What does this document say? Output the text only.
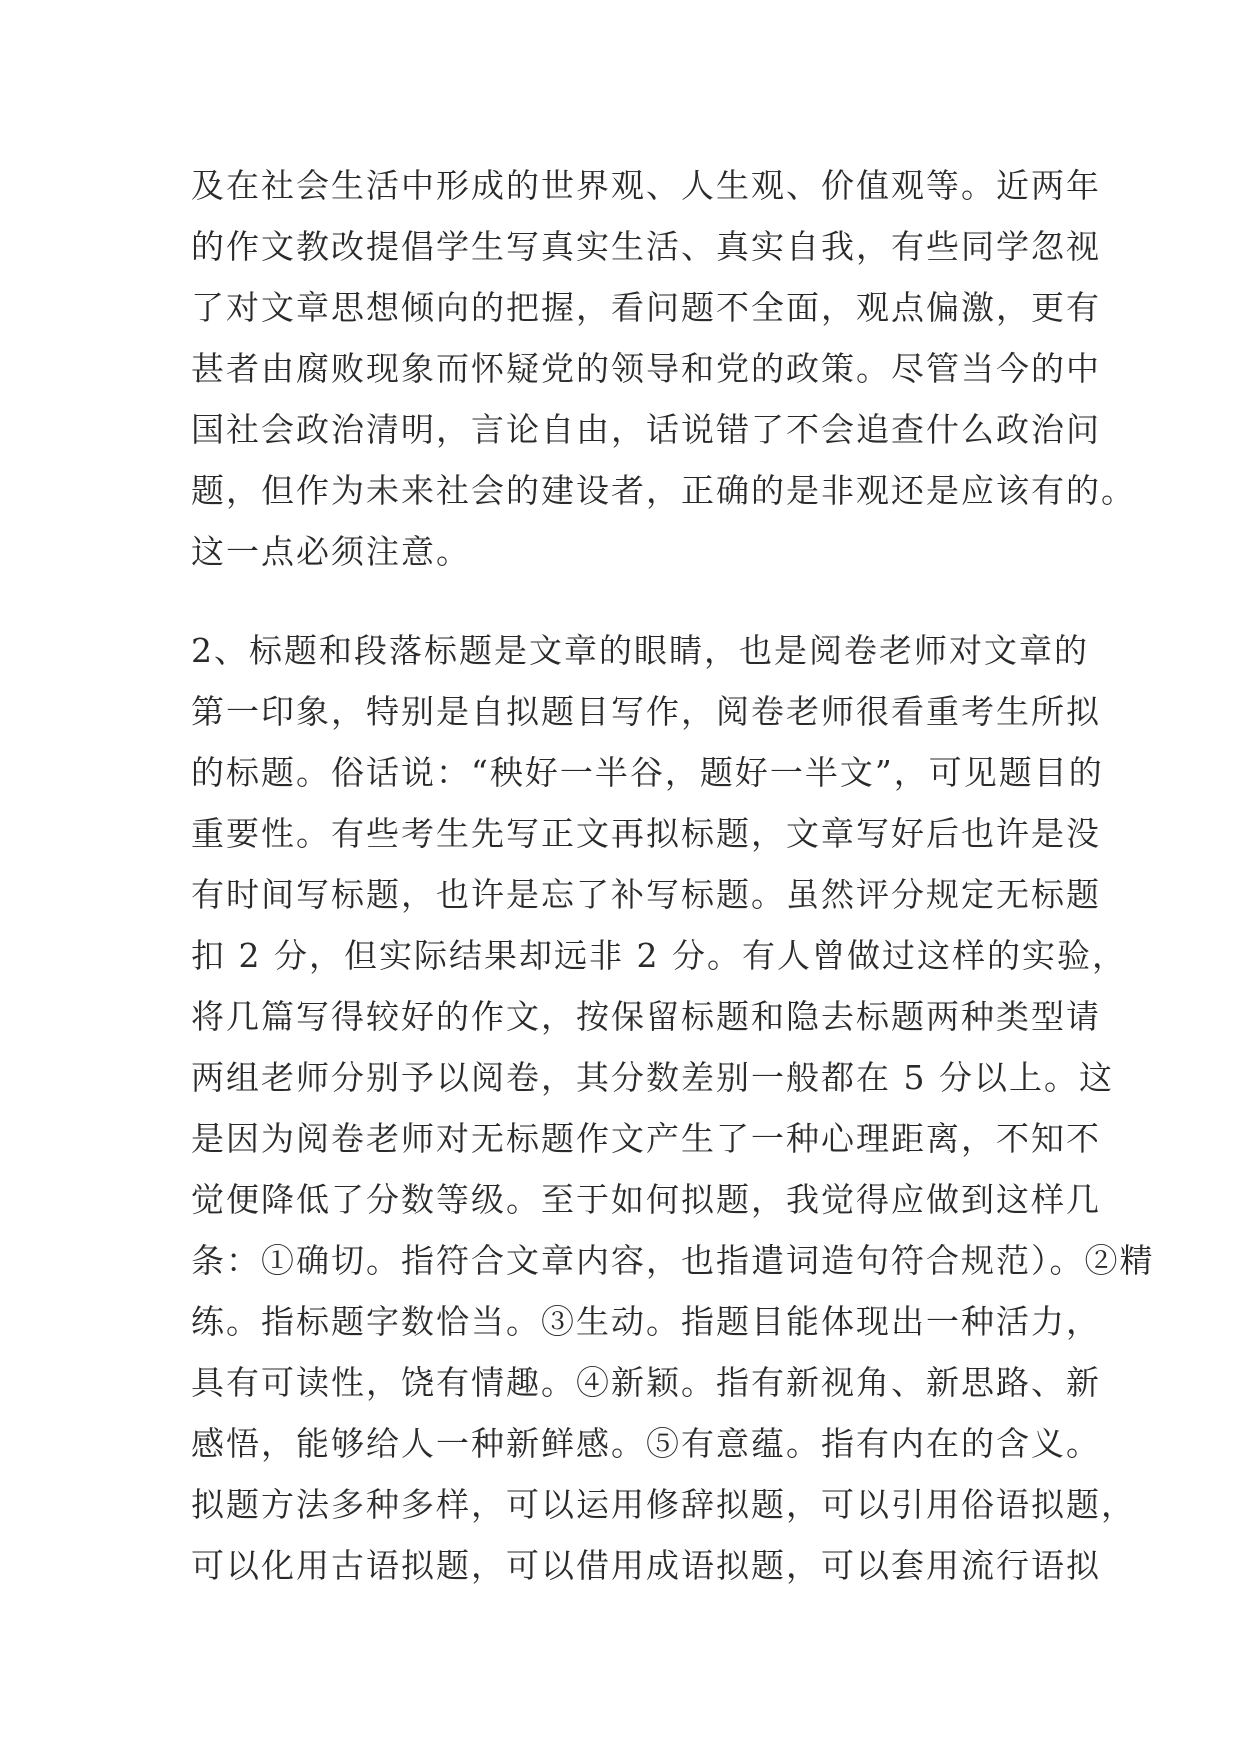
及在社会生活中形成的世界观、人生观、价值观等。近两年
的作文教改提倡学生写真实生活、真实自我，有些同学忽视
了对文章思想倾向的把握，看问题不全面，观点偏激，更有
甚者由腐败现象而怀疑党的领导和党的政策。尽管当今的中
国社会政治清明，言论自由，话说错了不会追查什么政治问
题，但作为未来社会的建设者，正确的是非观还是应该有的。
这一点必须注意。
2、标题和段落标题是文章的眼睛，也是阅卷老师对文章的
第一印象，特别是自拟题目写作，阅卷老师很看重考生所拟
的标题。俗话说：“秧好一半谷，题好一半文”，可见题目的
重要性。有些考生先写正文再拟标题，文章写好后也许是没
有时间写标题，也许是忘了补写标题。虽然评分规定无标题
扣 2 分，但实际结果却远非 2 分。有人曾做过这样的实验，
将几篇写得较好的作文，按保留标题和隐去标题两种类型请
两组老师分别予以阅卷，其分数差别一般都在 5 分以上。这
是因为阅卷老师对无标题作文产生了一种心理距离，不知不
觉便降低了分数等级。至于如何拟题，我觉得应做到这样几
条：①确切。指符合文章内容，也指遣词造句符合规范）。②精
练。指标题字数恰当。③生动。指题目能体现出一种活力，
具有可读性，饶有情趣。④新颖。指有新视角、新思路、新
感悟，能够给人一种新鲜感。⑤有意蕴。指有内在的含义。
拟题方法多种多样，可以运用修辞拟题，可以引用俗语拟题，
可以化用古语拟题，可以借用成语拟题，可以套用流行语拟
